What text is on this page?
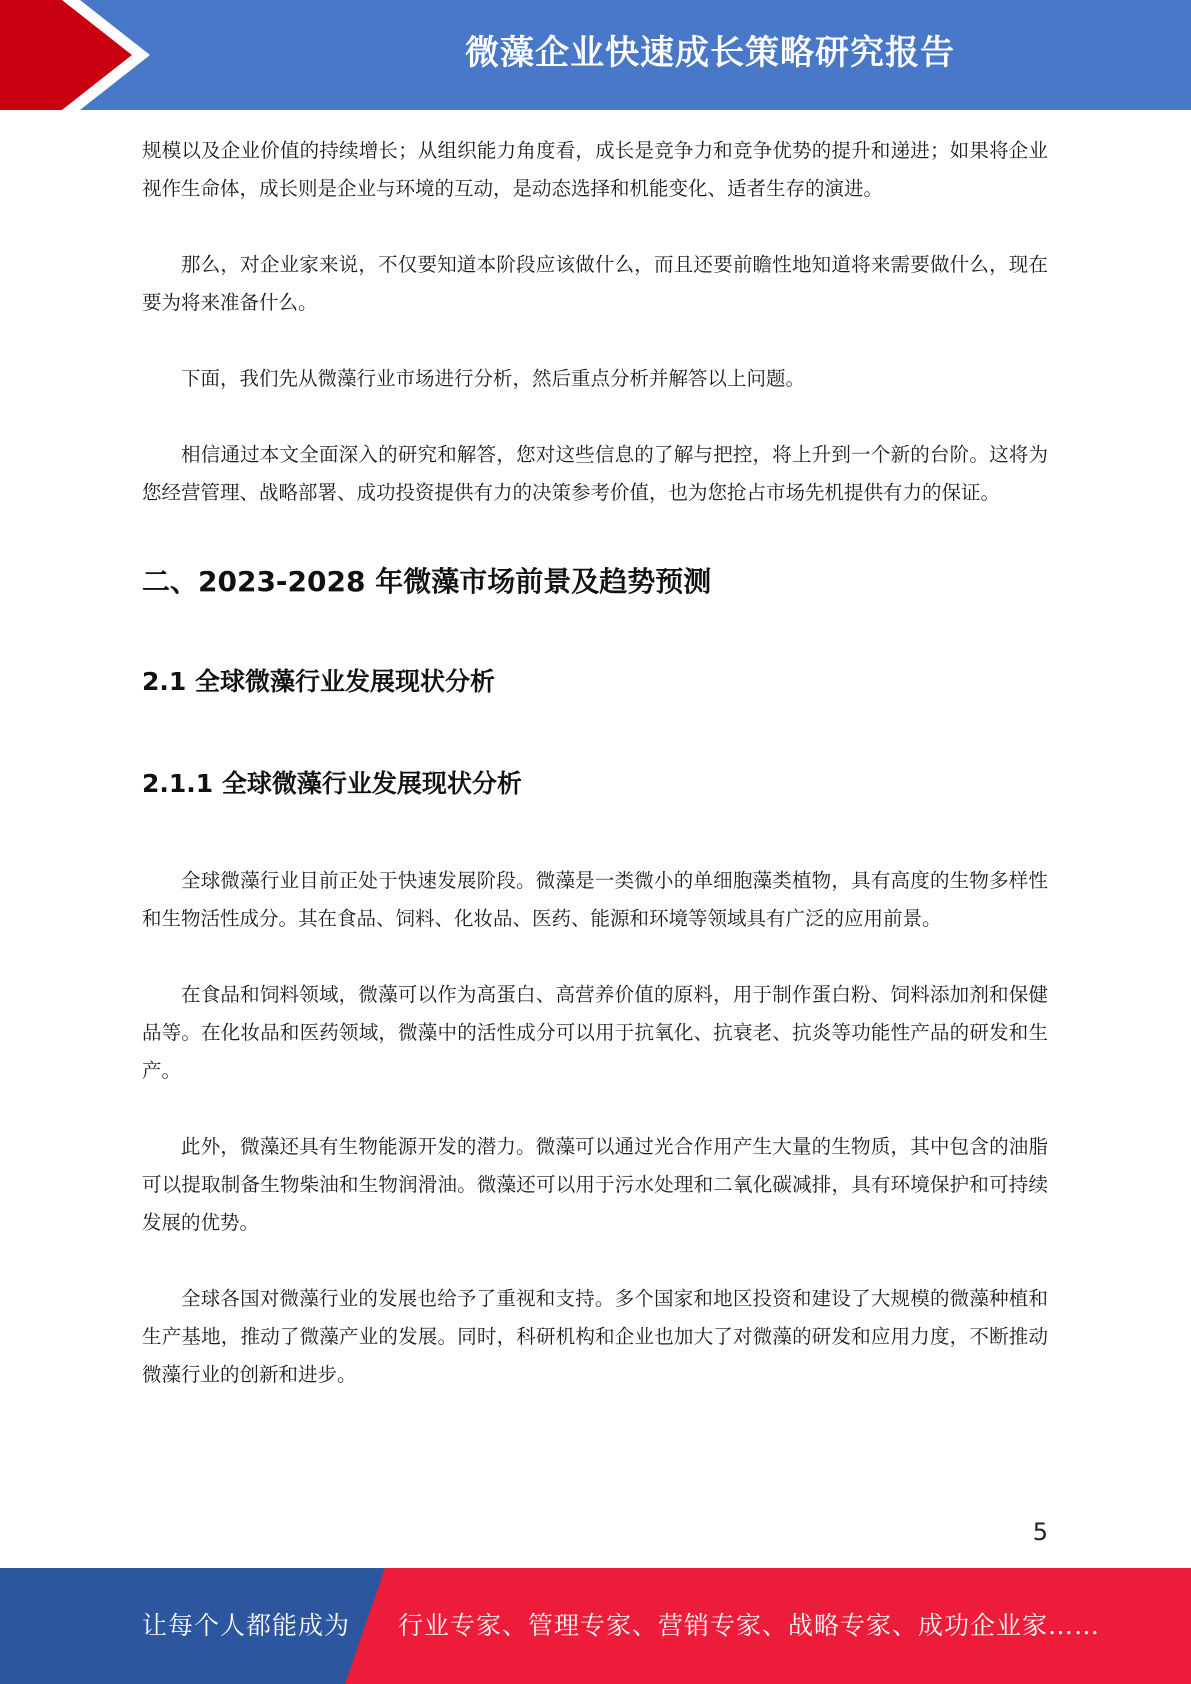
微藻企业快速成长策略研究报告

规模以及企业价值的持续增长；从组织能力角度看，成长是竞争力和竞争优势的提升和递进；如果将企业视作生命体，成长则是企业与环境的互动，是动态选择和机能变化、适者生存的演进。

那么，对企业家来说，不仅要知道本阶段应该做什么，而且还要前瞻性地知道将来需要做什么，现在要为将来准备什么。

下面，我们先从微藻行业市场进行分析，然后重点分析并解答以上问题。

相信通过本文全面深入的研究和解答，您对这些信息的了解与把控，将上升到一个新的台阶。这将为您经营管理、战略部署、成功投资提供有力的决策参考价值，也为您抢占市场先机提供有力的保证。

二、2023-2028 年微藻市场前景及趋势预测
2.1 全球微藻行业发展现状分析
2.1.1 全球微藻行业发展现状分析

全球微藻行业目前正处于快速发展阶段。微藻是一类微小的单细胞藻类植物，具有高度的生物多样性和生物活性成分。其在食品、饲料、化妆品、医药、能源和环境等领域具有广泛的应用前景。

在食品和饲料领域，微藻可以作为高蛋白、高营养价值的原料，用于制作蛋白粉、饲料添加剂和保健品等。在化妆品和医药领域，微藻中的活性成分可以用于抗氧化、抗衰老、抗炎等功能性产品的研发和生产。

此外，微藻还具有生物能源开发的潜力。微藻可以通过光合作用产生大量的生物质，其中包含的油脂可以提取制备生物柴油和生物润滑油。微藻还可以用于污水处理和二氧化碳减排，具有环境保护和可持续发展的优势。

全球各国对微藻行业的发展也给予了重视和支持。多个国家和地区投资和建设了大规模的微藻种植和生产基地，推动了微藻产业的发展。同时，科研机构和企业也加大了对微藻的研发和应用力度，不断推动微藻行业的创新和进步。

5
让每个人都能成为 行业专家、管理专家、营销专家、战略专家、成功企业家……
